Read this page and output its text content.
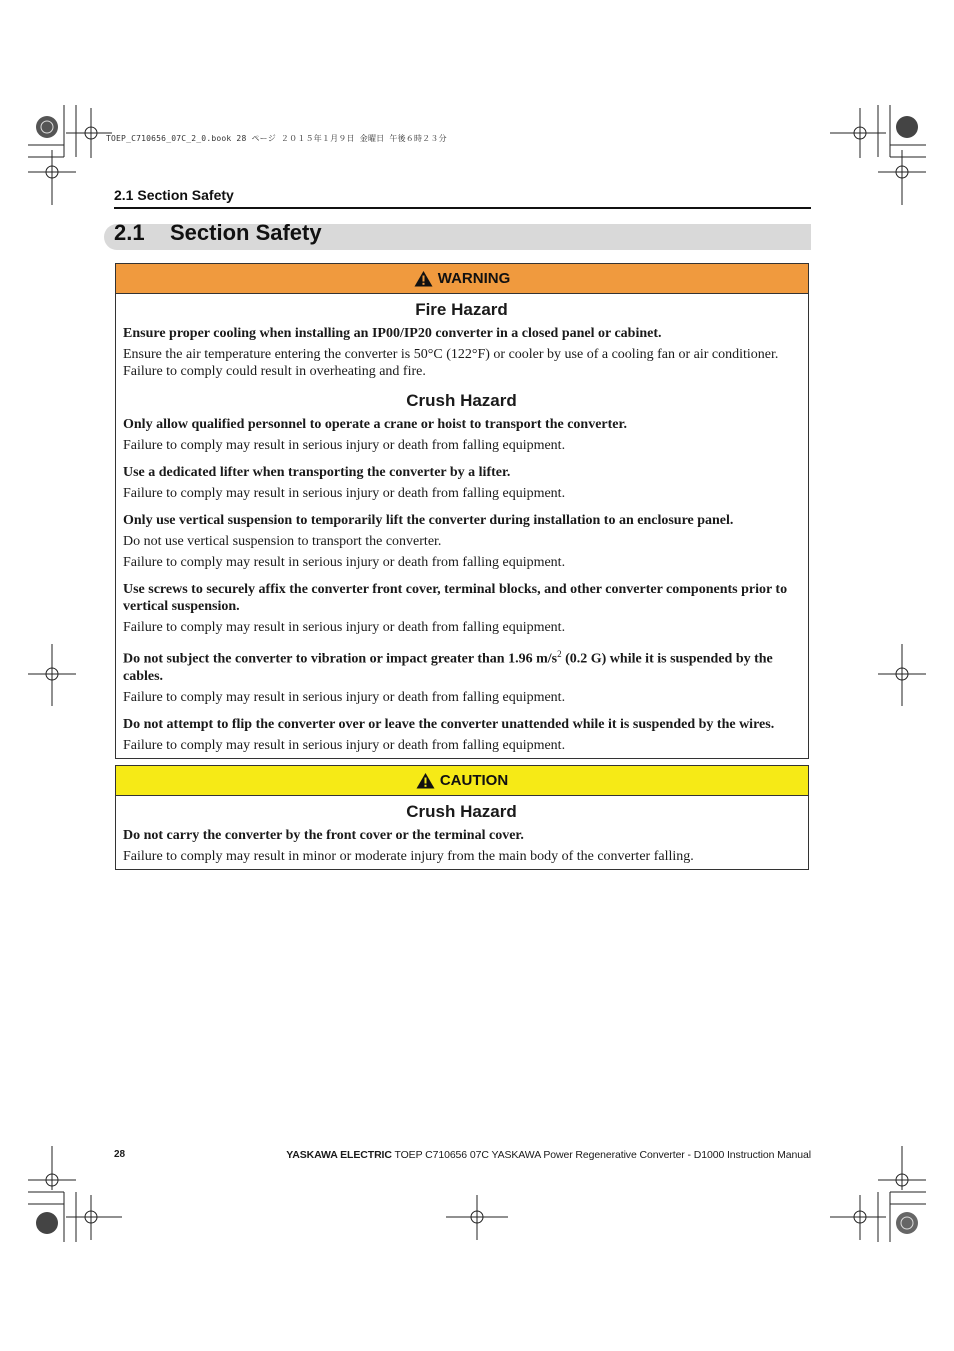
TOEP_C710656_07C_2_0.book 28 ページ ２０１５年１月９日 金曜日 午後６時２３分
2.1 Section Safety
2.1 Section Safety
WARNING
Fire Hazard

Ensure proper cooling when installing an IP00/IP20 converter in a closed panel or cabinet.

Ensure the air temperature entering the converter is 50°C (122°F) or cooler by use of a cooling fan or air conditioner. Failure to comply could result in overheating and fire.

Crush Hazard

Only allow qualified personnel to operate a crane or hoist to transport the converter.

Failure to comply may result in serious injury or death from falling equipment.

Use a dedicated lifter when transporting the converter by a lifter.

Failure to comply may result in serious injury or death from falling equipment.

Only use vertical suspension to temporarily lift the converter during installation to an enclosure panel.

Do not use vertical suspension to transport the converter.

Failure to comply may result in serious injury or death from falling equipment.

Use screws to securely affix the converter front cover, terminal blocks, and other converter components prior to vertical suspension.

Failure to comply may result in serious injury or death from falling equipment.

Do not subject the converter to vibration or impact greater than 1.96 $m/s^2$ (0.2 G) while it is suspended by the cables.

Failure to comply may result in serious injury or death from falling equipment.

Do not attempt to flip the converter over or leave the converter unattended while it is suspended by the wires.

Failure to comply may result in serious injury or death from falling equipment.

CAUTION
Crush Hazard

Do not carry the converter by the front cover or the terminal cover.

Failure to comply may result in minor or moderate injury from the main body of the converter falling.

28	YASKAWA ELECTRIC TOEP C710656 07C YASKAWA Power Regenerative Converter - D1000 Instruction Manual
